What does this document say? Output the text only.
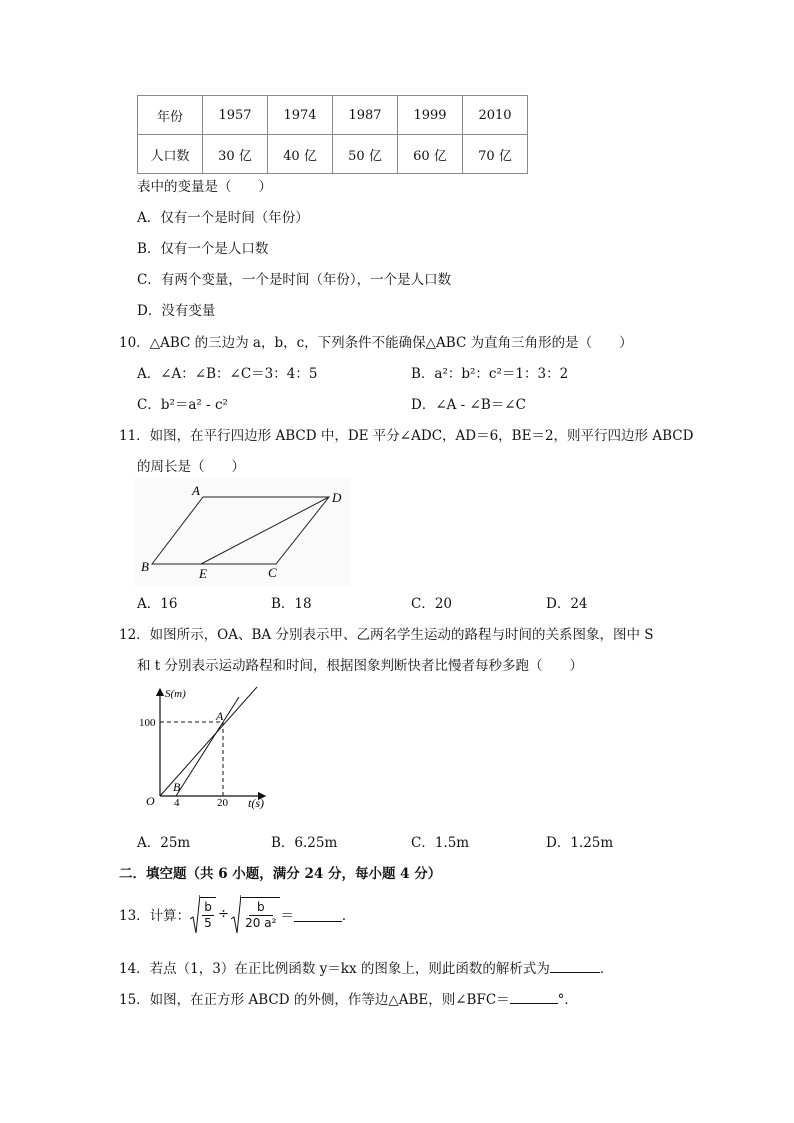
年份	1957	1974	1987	1999	2010
人口数	30 亿	40 亿	50 亿	60 亿	70 亿
表中的变量是（　　）
A．仅有一个是时间（年份）
B．仅有一个是人口数
C．有两个变量，一个是时间（年份），一个是人口数
D．没有变量
10．△ABC 的三边为 a，b，c，下列条件不能确保△ABC 为直角三角形的是（　　）
A．∠A：∠B：∠C＝3：4：5	B．a²：b²：c²＝1：3：2
C．b²＝a² - c²	D．∠A - ∠B＝∠C
11．如图，在平行四边形 ABCD 中，DE 平分∠ADC，AD＝6，BE＝2，则平行四边形 ABCD
的周长是（　　）
A	D
B	E	C
A．16	B．18	C．20	D．24
12．如图所示，OA、BA 分别表示甲、乙两名学生运动的路程与时间的关系图象，图中 S
和 t 分别表示运动路程和时间，根据图象判断快者比慢者每秒多跑（　　）
S(m)
t(s)
100
4	20
O
A
B
A．25m	B．6.25m	C．1.5m	D．1.25m
二．填空题（共 6 小题，满分 24 分，每小题 4 分）
13．计算： $\frac{b}{5} \div \frac{b}{\text{20 a²}}$ ＝	．
14．若点（1，3）在正比例函数 y＝kx 的图象上，则此函数的解析式为	．
15．如图，在正方形 ABCD 的外侧，作等边△ABE，则∠BFC＝	°．
